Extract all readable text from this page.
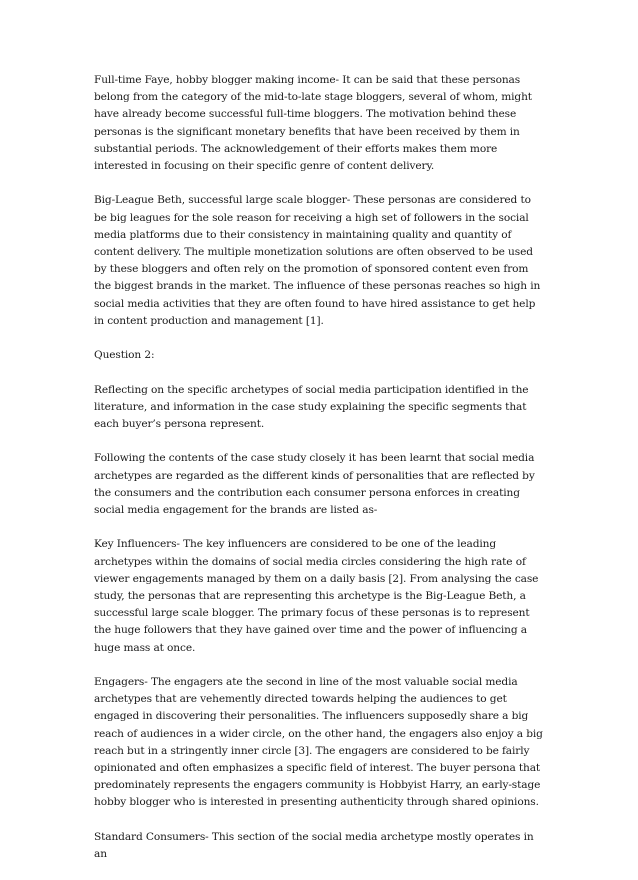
Full-time Faye, hobby blogger making income- It can be said that these personas belong from the category of the mid-to-late stage bloggers, several of whom, might have already become successful full-time bloggers. The motivation behind these personas is the significant monetary benefits that have been received by them in substantial periods. The acknowledgement of their efforts makes them more interested in focusing on their specific genre of content delivery.

Big-League Beth, successful large scale blogger- These personas are considered to be big leagues for the sole reason for receiving a high set of followers in the social media platforms due to their consistency in maintaining quality and quantity of content delivery. The multiple monetization solutions are often observed to be used by these bloggers and often rely on the promotion of sponsored content even from the biggest brands in the market. The influence of these personas reaches so high in social media activities that they are often found to have hired assistance to get help in content production and management [1].

Question 2:

Reflecting on the specific archetypes of social media participation identified in the literature, and information in the case study explaining the specific segments that each buyer’s persona represent.

Following the contents of the case study closely it has been learnt that social media archetypes are regarded as the different kinds of personalities that are reflected by the consumers and the contribution each consumer persona enforces in creating social media engagement for the brands are listed as-

Key Influencers- The key influencers are considered to be one of the leading archetypes within the domains of social media circles considering the high rate of viewer engagements managed by them on a daily basis [2]. From analysing the case study, the personas that are representing this archetype is the Big-League Beth, a successful large scale blogger. The primary focus of these personas is to represent the huge followers that they have gained over time and the power of influencing a huge mass at once.

Engagers- The engagers ate the second in line of the most valuable social media archetypes that are vehemently directed towards helping the audiences to get engaged in discovering their personalities. The influencers supposedly share a big reach of audiences in a wider circle, on the other hand, the engagers also enjoy a big reach but in a stringently inner circle [3]. The engagers are considered to be fairly opinionated and often emphasizes a specific field of interest. The buyer persona that predominately represents the engagers community is Hobbyist Harry, an early-stage hobby blogger who is interested in presenting authenticity through shared opinions.

Standard Consumers- This section of the social media archetype mostly operates in an
